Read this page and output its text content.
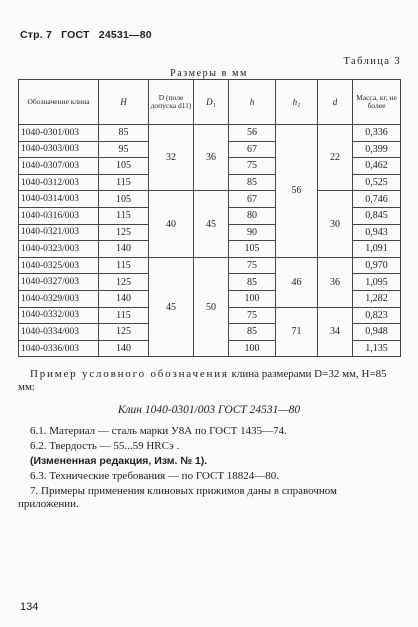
Стр. 7 ГОСТ 24531—80
Таблица 3
Размеры в мм
Обозначение клина	H	D (поле допуска d11)	D₁	h	h₁	d	Масса, кг, не более
1040-0301/003	85	32	36	56	56	22	0,336
1040-0303/003	95			67			0,399
1040-0307/003	105			75			0,462
1040-0312/003	115			85			0,525
1040-0314/003	105	40	45	67		30	0,746
1040-0316/003	115			80			0,845
1040-0321/003	125			90			0,943
1040-0323/003	140			105			1,091
1040-0325/003	115	45	50	75	46	36	0,970
1040-0327/003	125			85			1,095
1040-0329/003	140			100			1,282
1040-0332/003	115			75	71	34	0,823
1040-0334/003	125			85			0,948
1040-0336/003	140			100			1,135
Пример условного обозначения клина размерами D=32 мм, H=85 мм:
Клин 1040-0301/003 ГОСТ 24531—80
6.1. Материал — сталь марки У8А по ГОСТ 1435—74.
6.2. Твердость — 55...59 HRCэ .
(Измененная редакция, Изм. № 1).
6.3. Технические требования — по ГОСТ 18824—80.
7. Примеры применения клиновых прижимов даны в справочном приложении.
134
